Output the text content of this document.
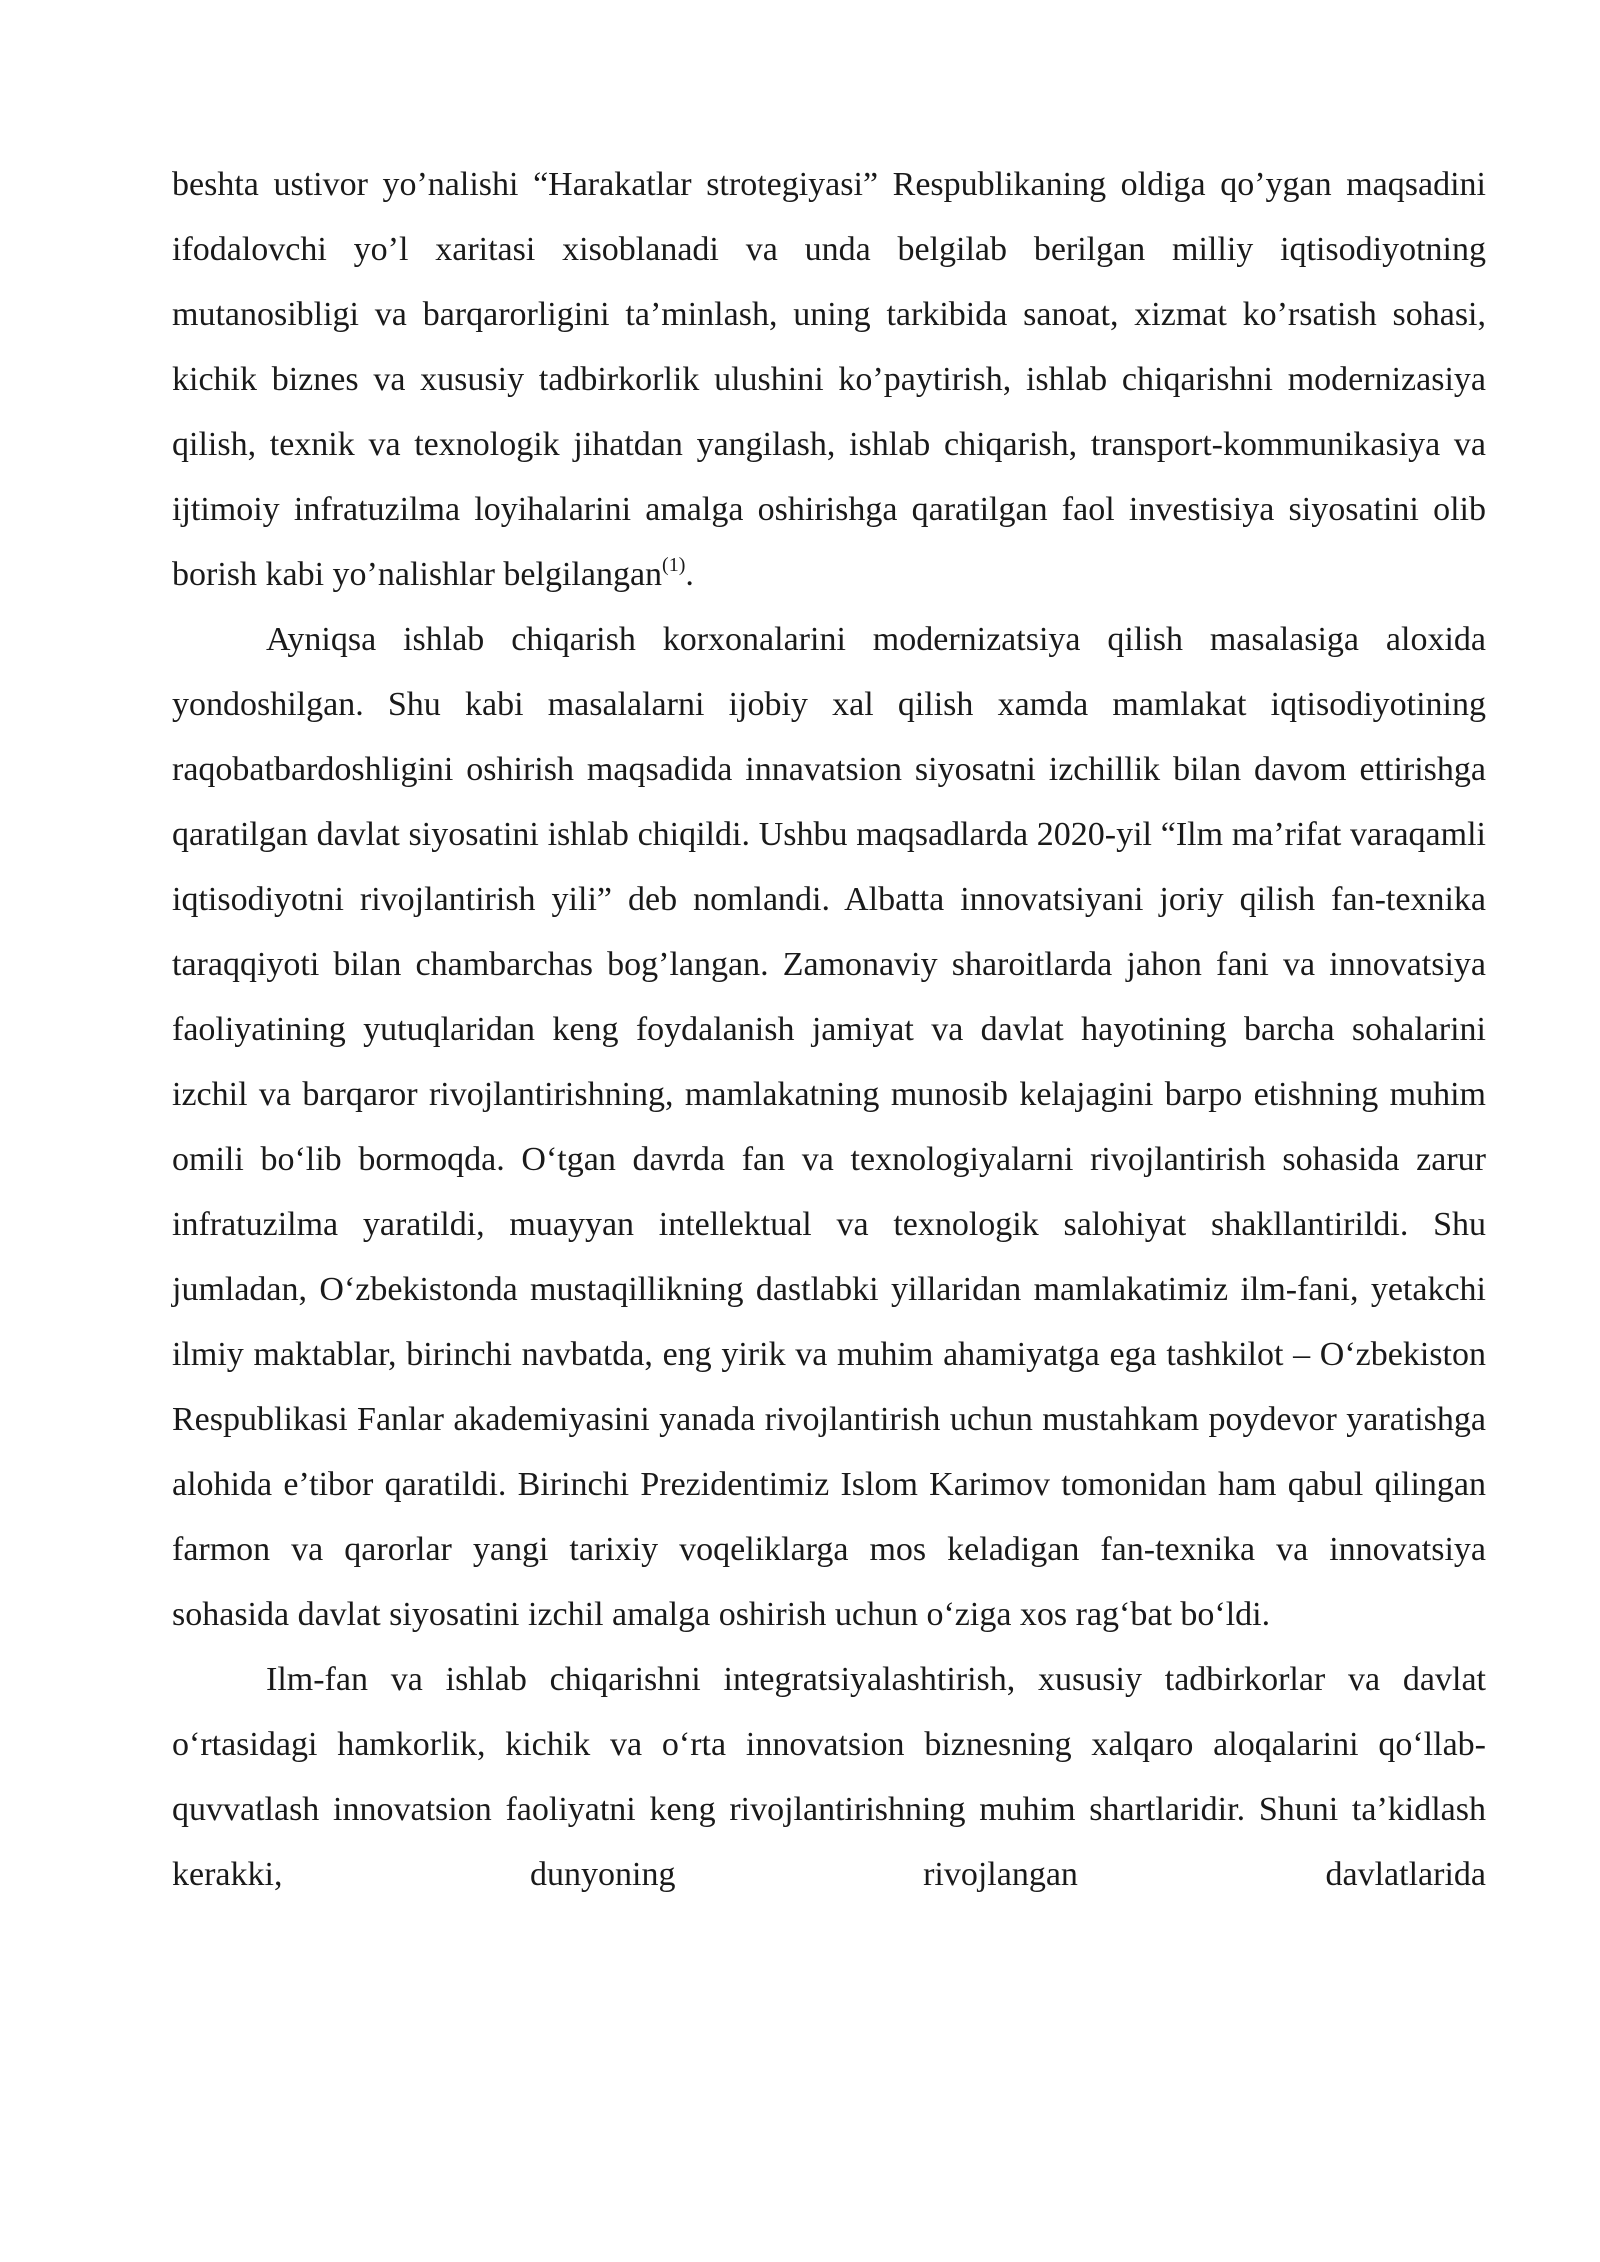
beshta ustivor yo’nalishi “Harakatlar strotegiyasi” Respublikaning oldiga qo’ygan maqsadini ifodalovchi yo’l xaritasi xisoblanadi va unda belgilab berilgan milliy iqtisodiyotning mutanosibligi va barqarorligini ta’minlash, uning tarkibida sanoat, xizmat ko’rsatish sohasi, kichik biznes va xususiy tadbirkorlik ulushini ko’paytirish, ishlab chiqarishni modernizasiya qilish, texnik va texnologik jihatdan yangilash, ishlab chiqarish, transport-kommunikasiya va ijtimoiy infratuzilma loyihalarini amalga oshirishga qaratilgan faol investisiya siyosatini olib borish kabi yo’nalishlar belgilangan$^{(1)}$.

Ayniqsa ishlab chiqarish korxonalarini modernizatsiya qilish masalasiga aloxida yondoshilgan. Shu kabi masalalarni ijobiy xal qilish xamda mamlakat iqtisodiyotining raqobatbardoshligini oshirish maqsadida innavatsion siyosatni izchillik bilan davom ettirishga qaratilgan davlat siyosatini ishlab chiqildi. Ushbu maqsadlarda 2020-yil “Ilm ma’rifat varaqamli iqtisodiyotni rivojlantirish yili” deb nomlandi. Albatta innovatsiyani joriy qilish fan-texnika taraqqiyoti bilan chambarchas bog’langan. Zamonaviy sharoitlarda jahon fani va innovatsiya faoliyatining yutuqlaridan keng foydalanish jamiyat va davlat hayotining barcha sohalarini izchil va barqaror rivojlantirishning, mamlakatning munosib kelajagini barpo etishning muhim omili bo‘lib bormoqda. O‘tgan davrda fan va texnologiyalarni rivojlantirish sohasida zarur infratuzilma yaratildi, muayyan intellektual va texnologik salohiyat shakllantirildi. Shu jumladan, O‘zbekistonda mustaqillikning dastlabki yillaridan mamlakatimiz ilm-fani, yetakchi ilmiy maktablar, birinchi navbatda, eng yirik va muhim ahamiyatga ega tashkilot – O‘zbekiston Respublikasi Fanlar akademiyasini yanada rivojlantirish uchun mustahkam poydevor yaratishga alohida e’tibor qaratildi. Birinchi Prezidentimiz Islom Karimov tomonidan ham qabul qilingan farmon va qarorlar yangi tarixiy voqeliklarga mos keladigan fan-texnika va innovatsiya sohasida davlat siyosatini izchil amalga oshirish uchun o‘ziga xos rag‘bat bo‘ldi.

Ilm-fan va ishlab chiqarishni integratsiyalashtirish, xususiy tadbirkorlar va davlat o‘rtasidagi hamkorlik, kichik va o‘rta innovatsion biznesning xalqaro aloqalarini qo‘llab-quvvatlash innovatsion faoliyatni keng rivojlantirishning muhim shartlaridir. Shuni ta’kidlash kerakki, dunyoning rivojlangan davlatlarida
